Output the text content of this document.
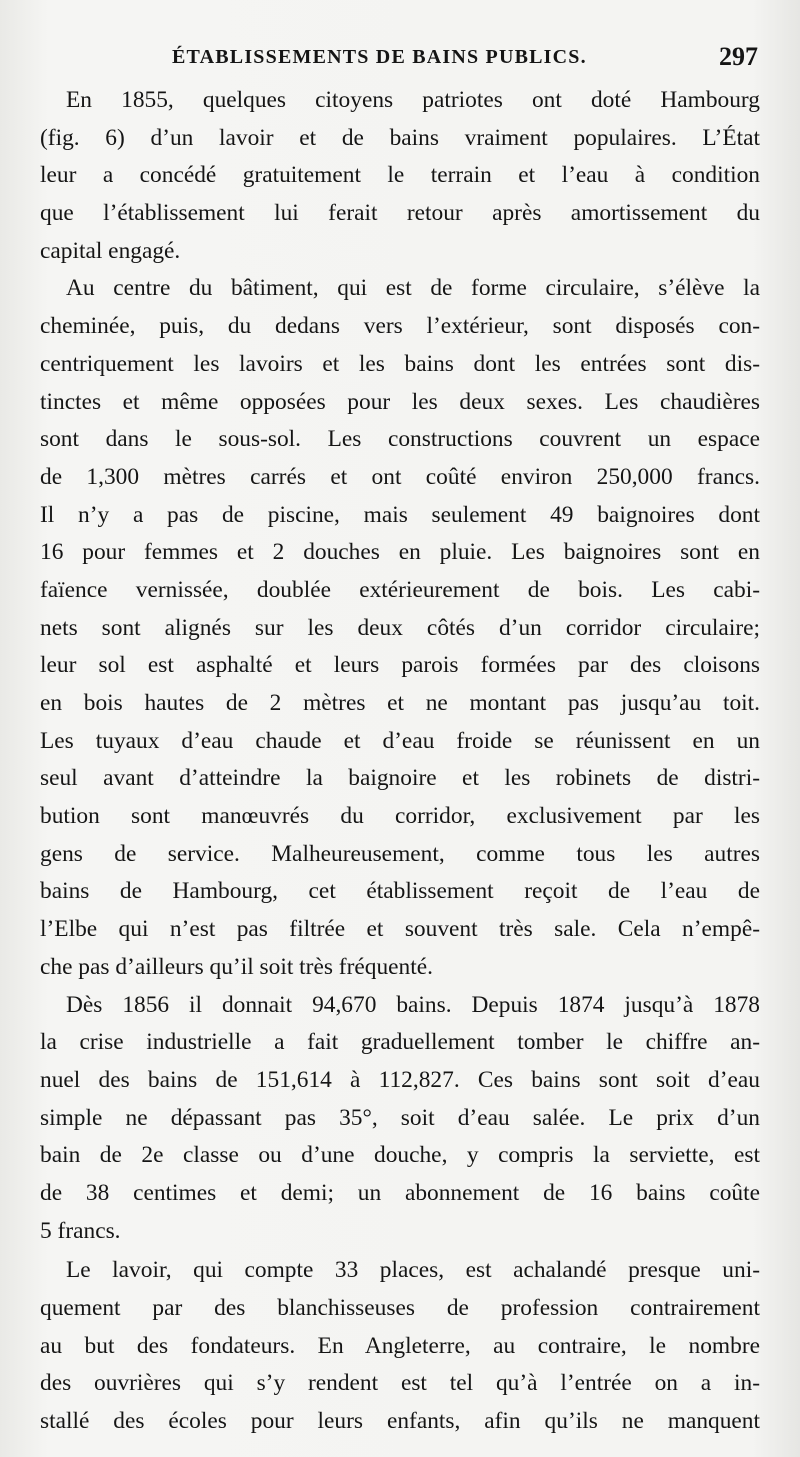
ÉTABLISSEMENTS DE BAINS PUBLICS.	297
En 1855, quelques citoyens patriotes ont doté Hambourg
(fig. 6) d’un lavoir et de bains vraiment populaires. L’État
leur a concédé gratuitement le terrain et l’eau à condition
que l’établissement lui ferait retour après amortissement du
capital engagé.
Au centre du bâtiment, qui est de forme circulaire, s’élève la
cheminée, puis, du dedans vers l’extérieur, sont disposés con-
centriquement les lavoirs et les bains dont les entrées sont dis-
tinctes et même opposées pour les deux sexes. Les chaudières
sont dans le sous-sol. Les constructions couvrent un espace
de 1,300 mètres carrés et ont coûté environ 250,000 francs.
Il n’y a pas de piscine, mais seulement 49 baignoires dont
16 pour femmes et 2 douches en pluie. Les baignoires sont en
faïence vernissée, doublée extérieurement de bois. Les cabi-
nets sont alignés sur les deux côtés d’un corridor circulaire;
leur sol est asphalté et leurs parois formées par des cloisons
en bois hautes de 2 mètres et ne montant pas jusqu’au toit.
Les tuyaux d’eau chaude et d’eau froide se réunissent en un
seul avant d’atteindre la baignoire et les robinets de distri-
bution sont manœuvrés du corridor, exclusivement par les
gens de service. Malheureusement, comme tous les autres
bains de Hambourg, cet établissement reçoit de l’eau de
l’Elbe qui n’est pas filtrée et souvent très sale. Cela n’empê-
che pas d’ailleurs qu’il soit très fréquenté.
Dès 1856 il donnait 94,670 bains. Depuis 1874 jusqu’à 1878
la crise industrielle a fait graduellement tomber le chiffre an-
nuel des bains de 151,614 à 112,827. Ces bains sont soit d’eau
simple ne dépassant pas 35°, soit d’eau salée. Le prix d’un
bain de 2e classe ou d’une douche, y compris la serviette, est
de 38 centimes et demi; un abonnement de 16 bains coûte
5 francs.
Le lavoir, qui compte 33 places, est achalandé presque uni-
quement par des blanchisseuses de profession contrairement
au but des fondateurs. En Angleterre, au contraire, le nombre
des ouvrières qui s’y rendent est tel qu’à l’entrée on a in-
stallé des écoles pour leurs enfants, afin qu’ils ne manquent
